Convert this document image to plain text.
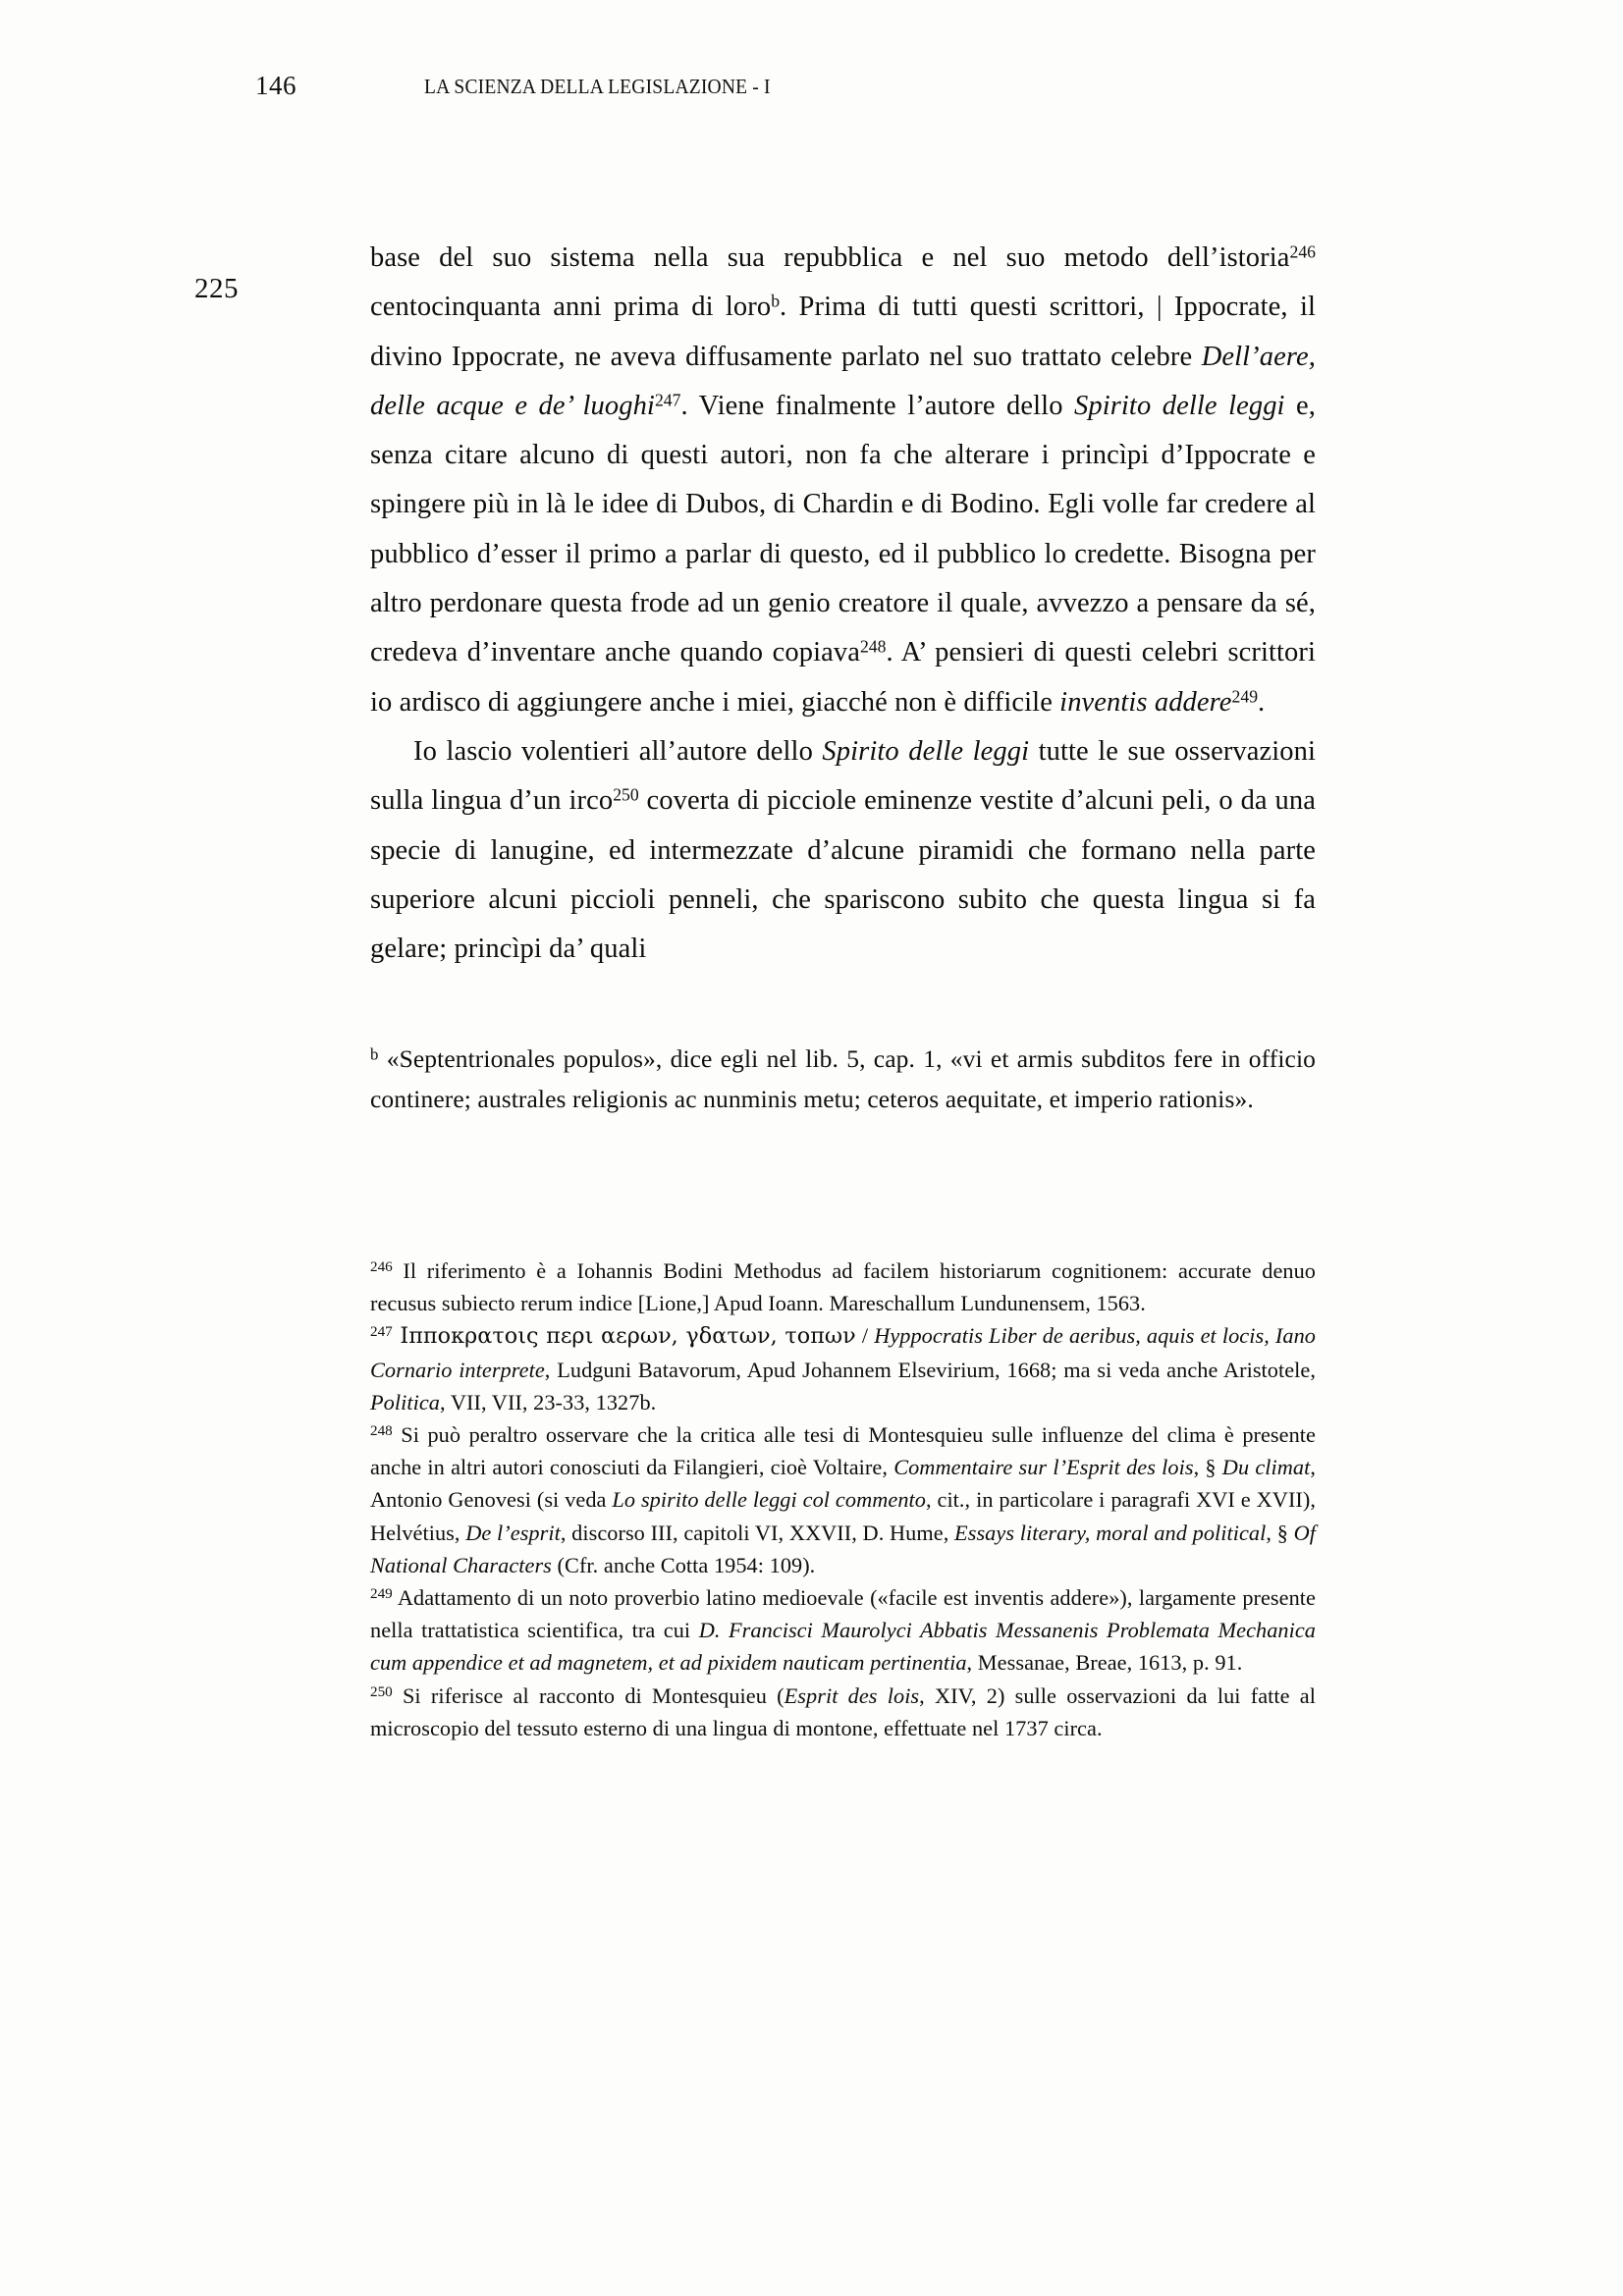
146	LA SCIENZA DELLA LEGISLAZIONE - I
225

base del suo sistema nella sua repubblica e nel suo metodo dell’istoria$^{246}$ centocinquanta anni prima di loro$^b$. Prima di tutti questi scrittori, | Ippocrate, il divino Ippocrate, ne aveva diffusamente parlato nel suo trattato celebre Dell’aere, delle acque e de’ luoghi$^{247}$. Viene finalmente l’autore dello Spirito delle leggi e, senza citare alcuno di questi autori, non fa che alterare i princìpi d’Ippocrate e spingere più in là le idee di Dubos, di Chardin e di Bodino. Egli volle far credere al pubblico d’esser il primo a parlar di questo, ed il pubblico lo credette. Bisogna per altro perdonare questa frode ad un genio creatore il quale, avvezzo a pensare da sé, credeva d’inventare anche quando copiava$^{248}$. A’ pensieri di questi celebri scrittori io ardisco di aggiungere anche i miei, giacché non è difficile inventis addere$^{249}$.

Io lascio volentieri all’autore dello Spirito delle leggi tutte le sue osservazioni sulla lingua d’un irco$^{250}$ coverta di picciole eminenze vestite d’alcuni peli, o da una specie di lanugine, ed intermezzate d’alcune piramidi che formano nella parte superiore alcuni piccioli penneli, che spariscono subito che questa lingua si fa gelare; princìpi da’ quali

$^b$ «Septentrionales populos», dice egli nel lib. 5, cap. 1, «vi et armis subditos fere in officio continere; australes religionis ac nunminis metu; ceteros aequitate, et imperio rationis».

$^{246}$ Il riferimento è a Iohannis Bodini Methodus ad facilem historiarum cognitionem: accurate denuo recusus subiecto rerum indice [Lione,] Apud Ioann. Mareschallum Lundunensem, 1563.

$^{247}$ Ιπποκρατοις περι αερων, γδατων, τοπων / Hyppocratis Liber de aeribus, aquis et locis, Iano Cornario interprete, Ludguni Batavorum, Apud Johannem Elsevirium, 1668; ma si veda anche Aristotele, Politica, VII, VII, 23-33, 1327b.

$^{248}$ Si può peraltro osservare che la critica alle tesi di Montesquieu sulle influenze del clima è presente anche in altri autori conosciuti da Filangieri, cioè Voltaire, Commentaire sur l’Esprit des lois, § Du climat, Antonio Genovesi (si veda Lo spirito delle leggi col commento, cit., in particolare i paragrafi XVI e XVII), Helvétius, De l’esprit, discorso III, capitoli VI, XXVII, D. Hume, Essays literary, moral and political, § Of National Characters (Cfr. anche Cotta 1954: 109).

$^{249}$ Adattamento di un noto proverbio latino medioevale («facile est inventis addere»), largamente presente nella trattatistica scientifica, tra cui D. Francisci Maurolyci Abbatis Messanenis Problemata Mechanica cum appendice et ad magnetem, et ad pixidem nauticam pertinentia, Messanae, Breae, 1613, p. 91.

$^{250}$ Si riferisce al racconto di Montesquieu (Esprit des lois, XIV, 2) sulle osservazioni da lui fatte al microscopio del tessuto esterno di una lingua di montone, effettuate nel 1737 circa.
